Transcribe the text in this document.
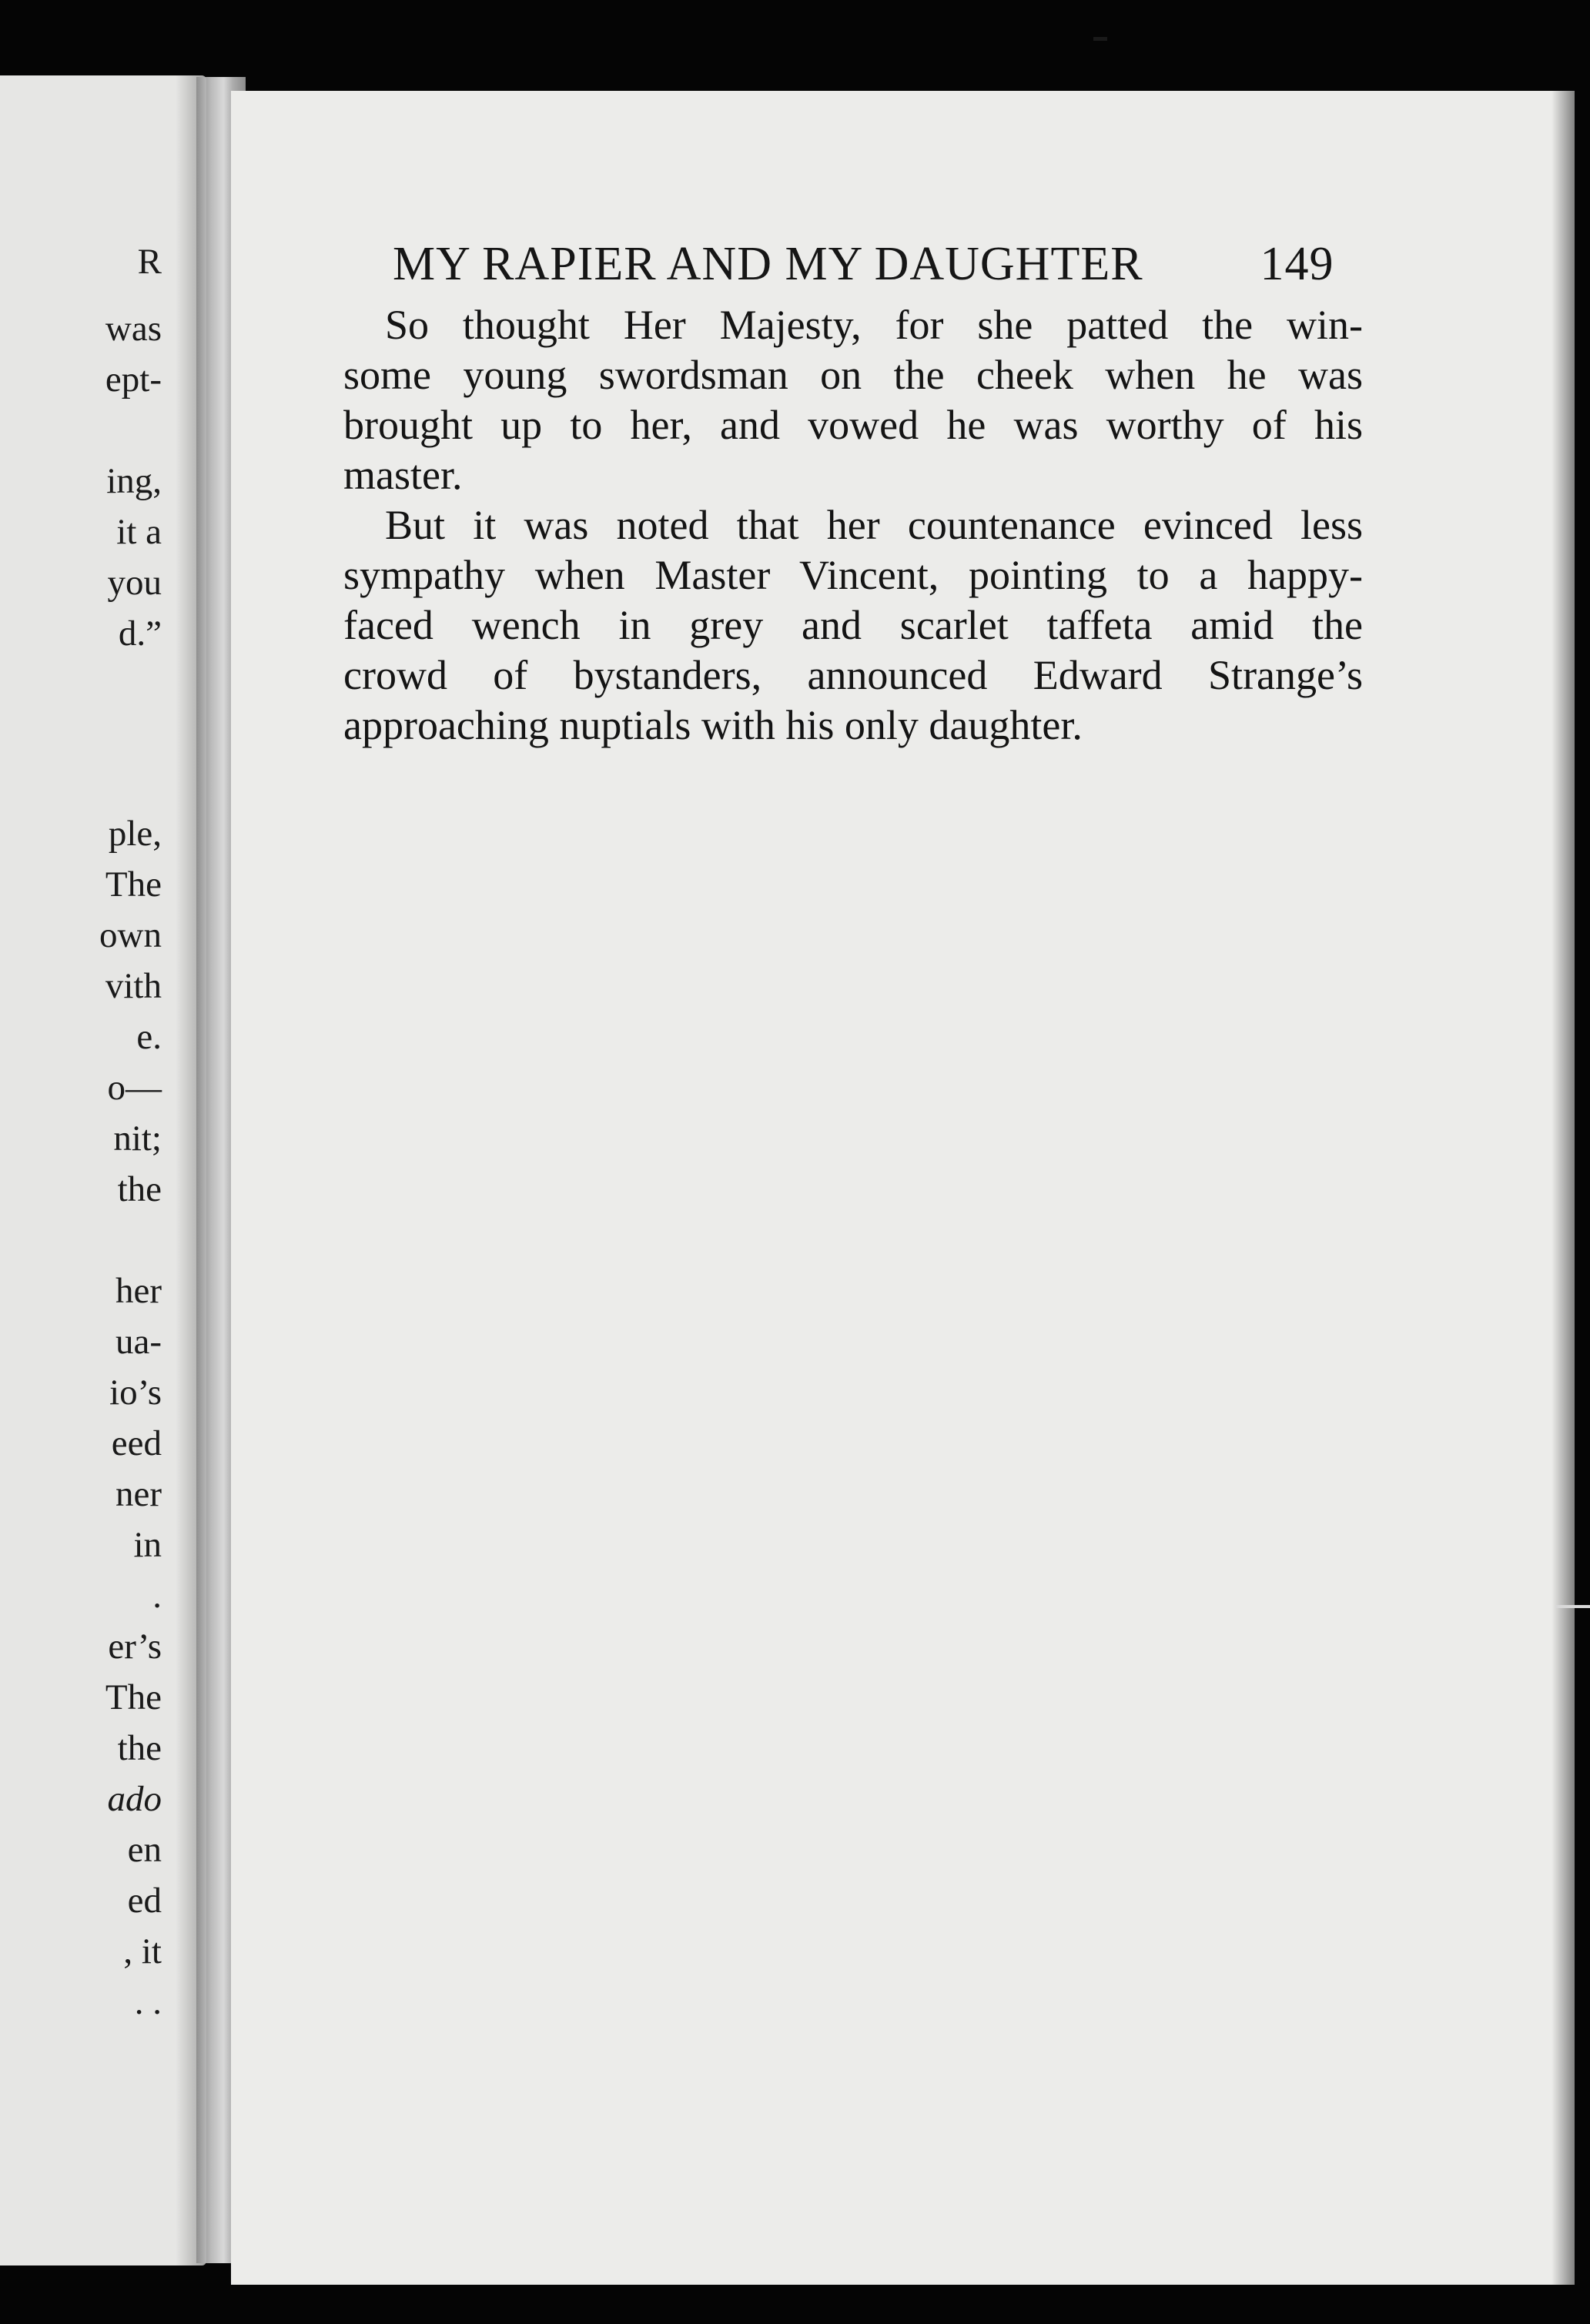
R
was
ept-
ing,
it a
you
d.”
ple,
The
own
vith
e.
o—
nit;
the
her
ua-
io’s
eed
ner
in
.
er’s
The
the
ado
en
ed
, it
. .
MY RAPIER AND MY DAUGHTER 149
So thought Her Majesty, for she patted the win-
some young swordsman on the cheek when he was
brought up to her, and vowed he was worthy of his
master.
But it was noted that her countenance evinced less
sympathy when Master Vincent, pointing to a happy-
faced wench in grey and scarlet taffeta amid the
crowd of bystanders, announced Edward Strange’s
approaching nuptials with his only daughter.
